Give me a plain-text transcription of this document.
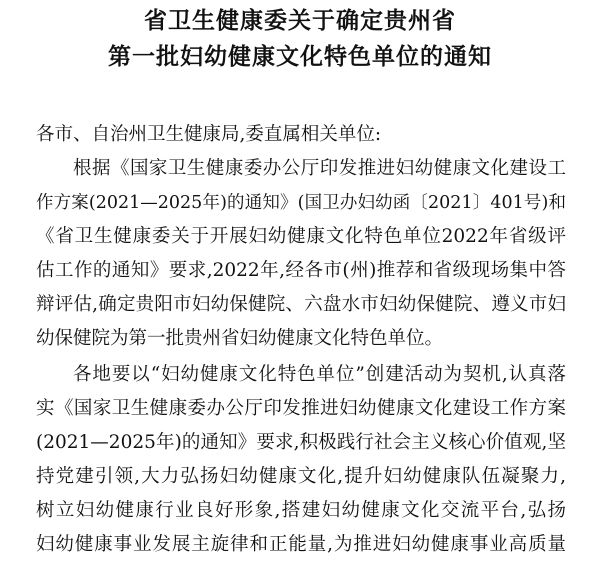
省卫生健康委关于确定贵州省
第一批妇幼健康文化特色单位的通知
各市、自治州卫生健康局,委直属相关单位:
根据《国家卫生健康委办公厅印发推进妇幼健康文化建设工
作方案(2021—2025年)的通知》(国卫办妇幼函〔2021〕401号)和
《省卫生健康委关于开展妇幼健康文化特色单位2022年省级评
估工作的通知》要求,2022年,经各市(州)推荐和省级现场集中答
辩评估,确定贵阳市妇幼保健院、六盘水市妇幼保健院、遵义市妇
幼保健院为第一批贵州省妇幼健康文化特色单位。
各地要以“妇幼健康文化特色单位”创建活动为契机,认真落
实《国家卫生健康委办公厅印发推进妇幼健康文化建设工作方案
(2021—2025年)的通知》要求,积极践行社会主义核心价值观,坚
持党建引领,大力弘扬妇幼健康文化,提升妇幼健康队伍凝聚力,
树立妇幼健康行业良好形象,搭建妇幼健康文化交流平台,弘扬
妇幼健康事业发展主旋律和正能量,为推进妇幼健康事业高质量
